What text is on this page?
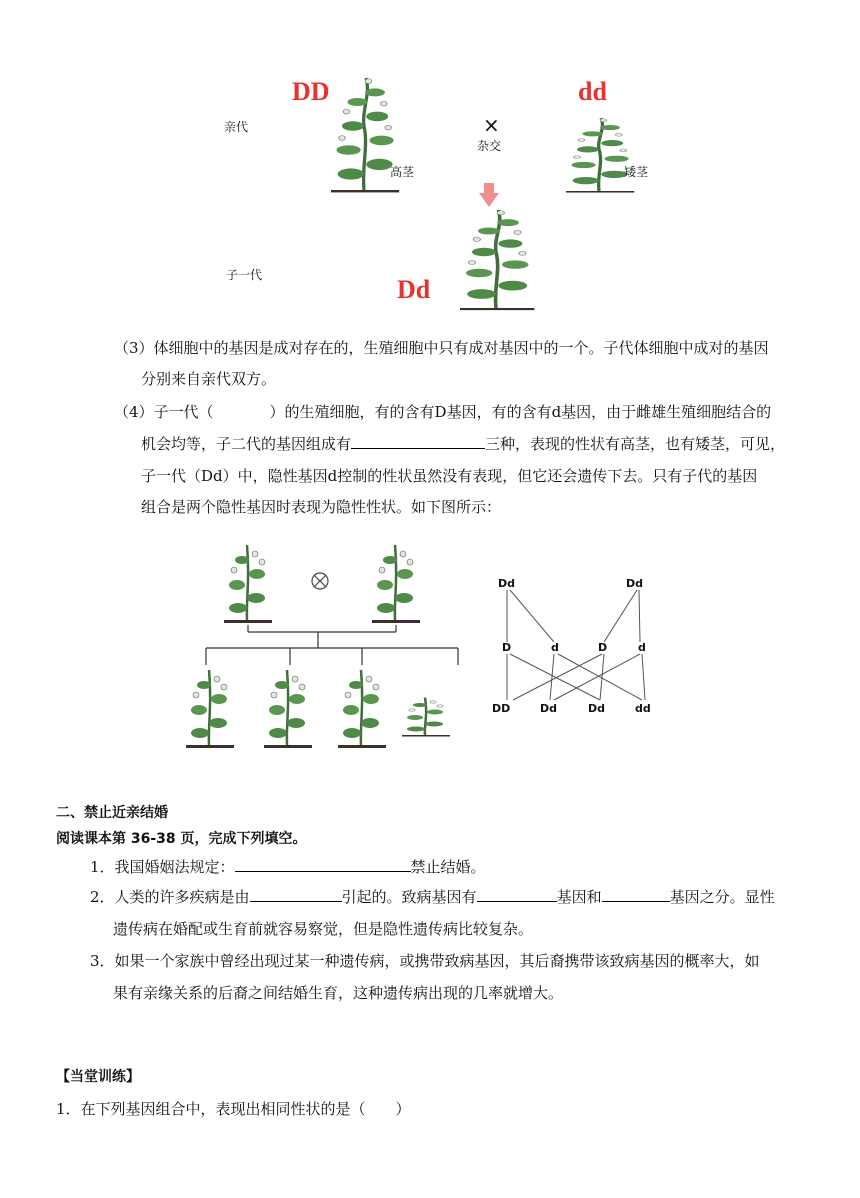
亲代
子一代
DD	dd
×
杂交
高茎	矮茎
Dd
（3）体细胞中的基因是成对存在的，生殖细胞中只有成对基因中的一个。子代体细胞中成对的基因
分别来自亲代双方。
（4）子一代（	）的生殖细胞，有的含有D基因，有的含有d基因，由于雌雄生殖细胞结合的
机会均等，子二代的基因组成有	三种，表现的性状有高茎，也有矮茎，可见，
子一代（Dd）中，隐性基因d控制的性状虽然没有表现，但它还会遗传下去。只有子代的基因
组合是两个隐性基因时表现为隐性性状。如下图所示：
Dd	Dd
D	d	D	d
DD	Dd	Dd	dd
二、禁止近亲结婚
阅读课本第 36-38 页，完成下列填空。
1．我国婚姻法规定：	禁止结婚。
2．人类的许多疾病是由	引起的。致病基因有	基因和	基因之分。显性
遗传病在婚配或生育前就容易察觉，但是隐性遗传病比较复杂。
3．如果一个家族中曾经出现过某一种遗传病，或携带致病基因，其后裔携带该致病基因的概率大，如
果有亲缘关系的后裔之间结婚生育，这种遗传病出现的几率就增大。
【当堂训练】
1．在下列基因组合中，表现出相同性状的是（　　）
